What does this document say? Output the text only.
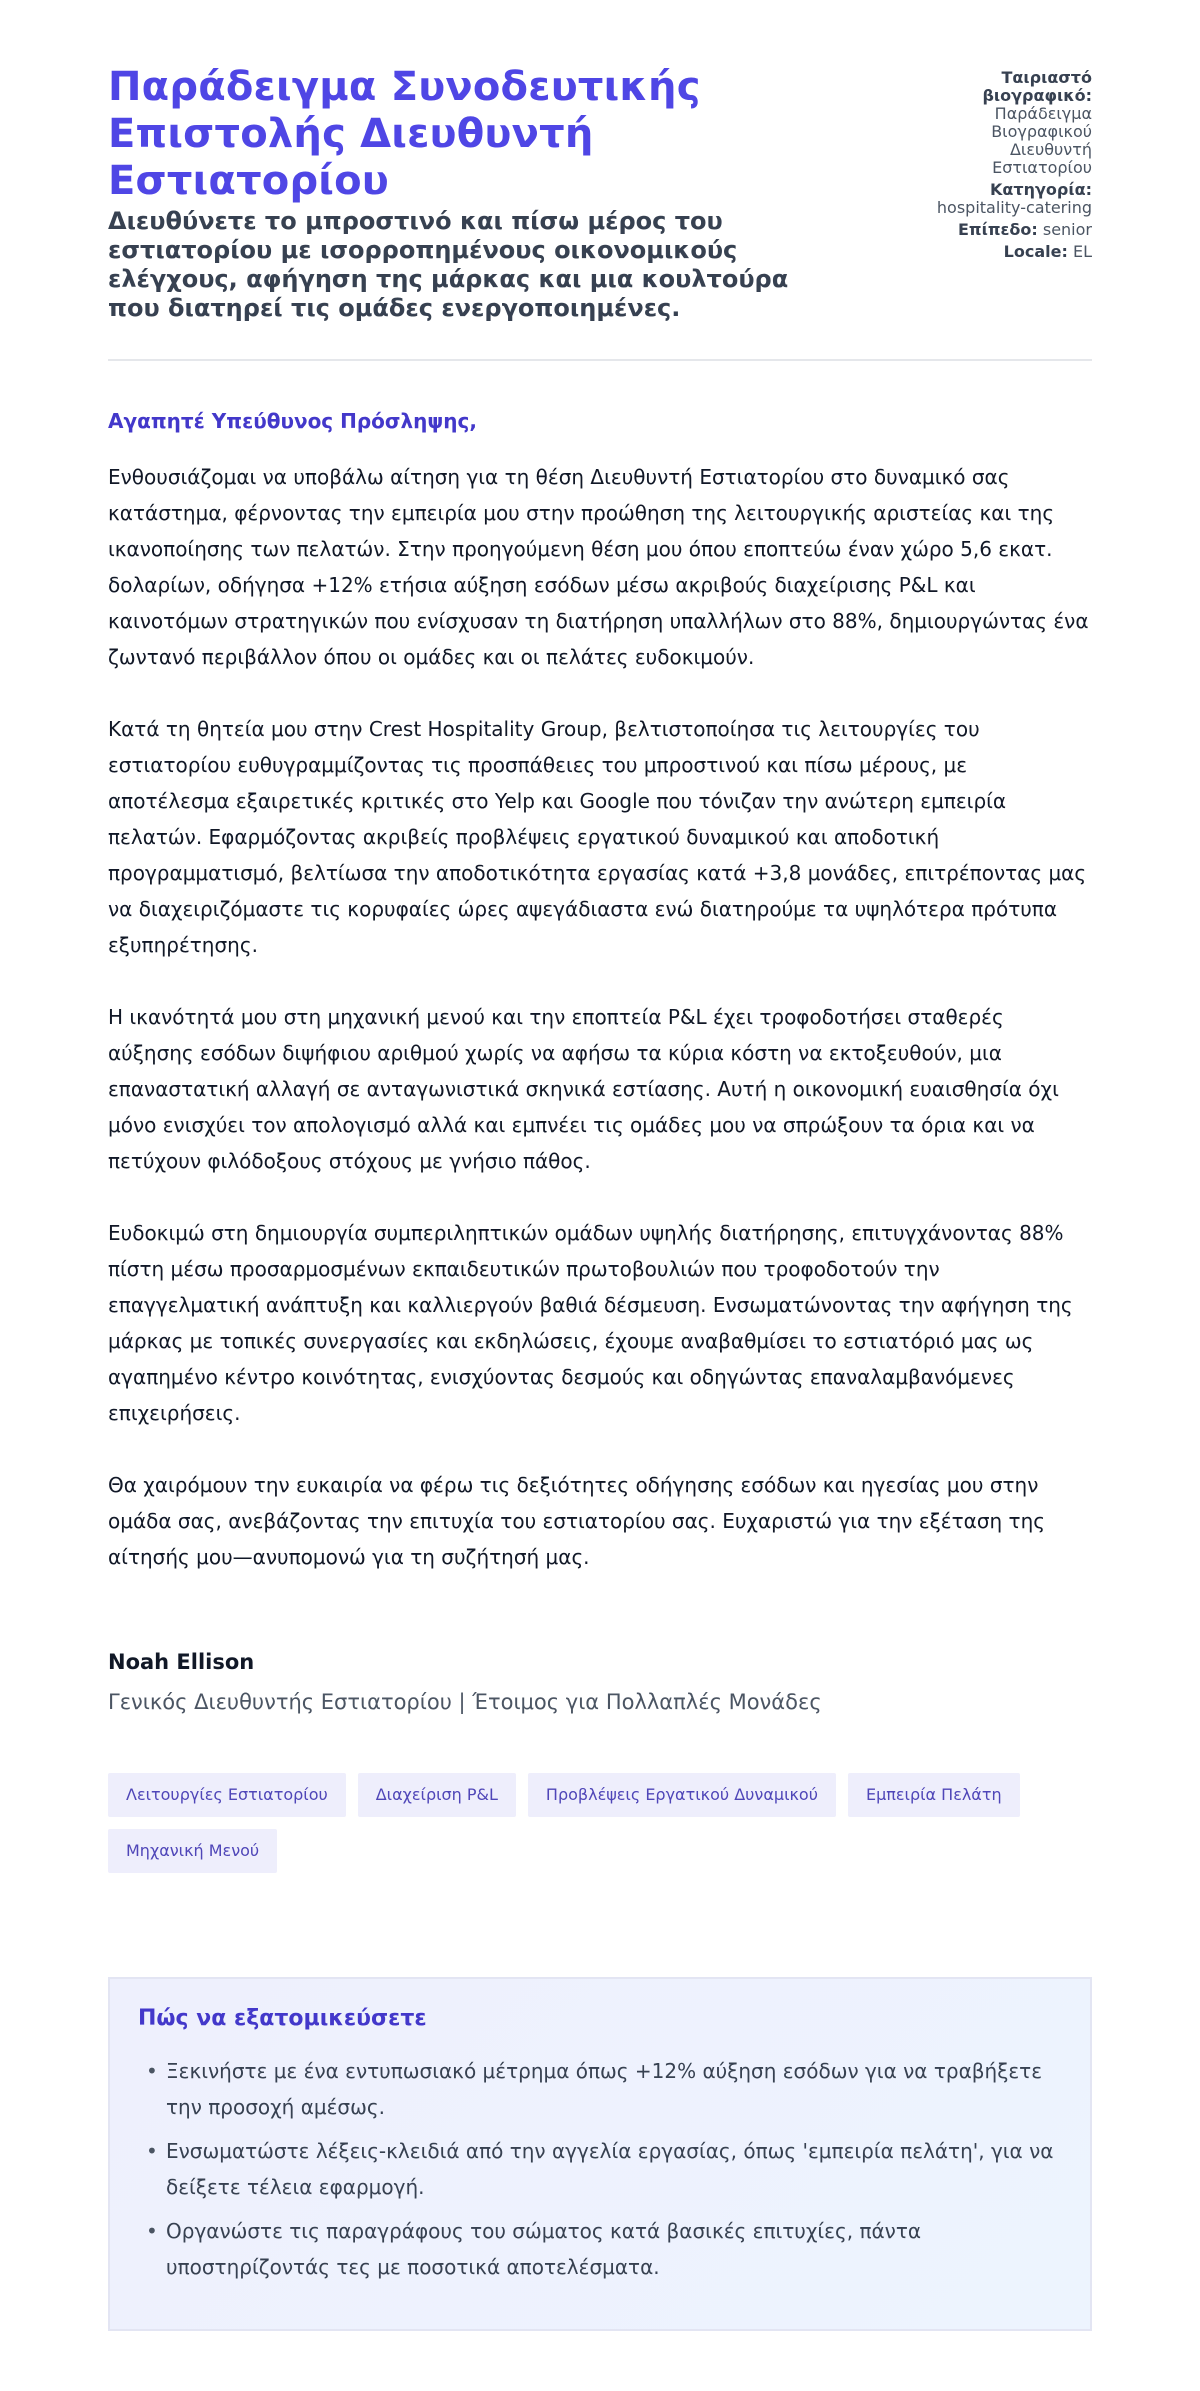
Παράδειγμα Συνοδευτικής Επιστολής Διευθυντή Εστιατορίου

Διευθύνετε το μπροστινό και πίσω μέρος του εστιατορίου με ισορροπημένους οικονομικούς ελέγχους, αφήγηση της μάρκας και μια κουλτούρα που διατηρεί τις ομάδες ενεργοποιημένες.

Ταιριαστό βιογραφικό: Παράδειγμα Βιογραφικού Διευθυντή Εστιατορίου
Κατηγορία:
hospitality-catering
Επίπεδο: senior
Locale: EL

Αγαπητέ Υπεύθυνος Πρόσληψης,

Ενθουσιάζομαι να υποβάλω αίτηση για τη θέση Διευθυντή Εστιατορίου στο δυναμικό σας κατάστημα, φέρνοντας την εμπειρία μου στην προώθηση της λειτουργικής αριστείας και της ικανοποίησης των πελατών. Στην προηγούμενη θέση μου όπου εποπτεύω έναν χώρο 5,6 εκατ. δολαρίων, οδήγησα +12% ετήσια αύξηση εσόδων μέσω ακριβούς διαχείρισης P&L και καινοτόμων στρατηγικών που ενίσχυσαν τη διατήρηση υπαλλήλων στο 88%, δημιουργώντας ένα ζωντανό περιβάλλον όπου οι ομάδες και οι πελάτες ευδοκιμούν.

Κατά τη θητεία μου στην Crest Hospitality Group, βελτιστοποίησα τις λειτουργίες του εστιατορίου ευθυγραμμίζοντας τις προσπάθειες του μπροστινού και πίσω μέρους, με αποτέλεσμα εξαιρετικές κριτικές στο Yelp και Google που τόνιζαν την ανώτερη εμπειρία πελατών. Εφαρμόζοντας ακριβείς προβλέψεις εργατικού δυναμικού και αποδοτική προγραμματισμό, βελτίωσα την αποδοτικότητα εργασίας κατά +3,8 μονάδες, επιτρέποντας μας να διαχειριζόμαστε τις κορυφαίες ώρες αψεγάδιαστα ενώ διατηρούμε τα υψηλότερα πρότυπα εξυπηρέτησης.

Η ικανότητά μου στη μηχανική μενού και την εποπτεία P&L έχει τροφοδοτήσει σταθερές αύξησης εσόδων διψήφιου αριθμού χωρίς να αφήσω τα κύρια κόστη να εκτοξευθούν, μια επαναστατική αλλαγή σε ανταγωνιστικά σκηνικά εστίασης. Αυτή η οικονομική ευαισθησία όχι μόνο ενισχύει τον απολογισμό αλλά και εμπνέει τις ομάδες μου να σπρώξουν τα όρια και να πετύχουν φιλόδοξους στόχους με γνήσιο πάθος.

Ευδοκιμώ στη δημιουργία συμπεριληπτικών ομάδων υψηλής διατήρησης, επιτυγχάνοντας 88% πίστη μέσω προσαρμοσμένων εκπαιδευτικών πρωτοβουλιών που τροφοδοτούν την επαγγελματική ανάπτυξη και καλλιεργούν βαθιά δέσμευση. Ενσωματώνοντας την αφήγηση της μάρκας με τοπικές συνεργασίες και εκδηλώσεις, έχουμε αναβαθμίσει το εστιατόριό μας ως αγαπημένο κέντρο κοινότητας, ενισχύοντας δεσμούς και οδηγώντας επαναλαμβανόμενες επιχειρήσεις.

Θα χαιρόμουν την ευκαιρία να φέρω τις δεξιότητες οδήγησης εσόδων και ηγεσίας μου στην ομάδα σας, ανεβάζοντας την επιτυχία του εστιατορίου σας. Ευχαριστώ για την εξέταση της αίτησής μου—ανυπομονώ για τη συζήτησή μας.

Noah Ellison
Γενικός Διευθυντής Εστιατορίου | Έτοιμος για Πολλαπλές Μονάδες
Λειτουργίες Εστιατορίου	Διαχείριση P&L	Προβλέψεις Εργατικού Δυναμικού	Εμπειρία Πελάτη
Μηχανική Μενού
Πώς να εξατομικεύσετε
• Ξεκινήστε με ένα εντυπωσιακό μέτρημα όπως +12% αύξηση εσόδων για να τραβήξετε την προσοχή αμέσως.
• Ενσωματώστε λέξεις-κλειδιά από την αγγελία εργασίας, όπως 'εμπειρία πελάτη', για να δείξετε τέλεια εφαρμογή.
• Οργανώστε τις παραγράφους του σώματος κατά βασικές επιτυχίες, πάντα υποστηρίζοντάς τες με ποσοτικά αποτελέσματα.
